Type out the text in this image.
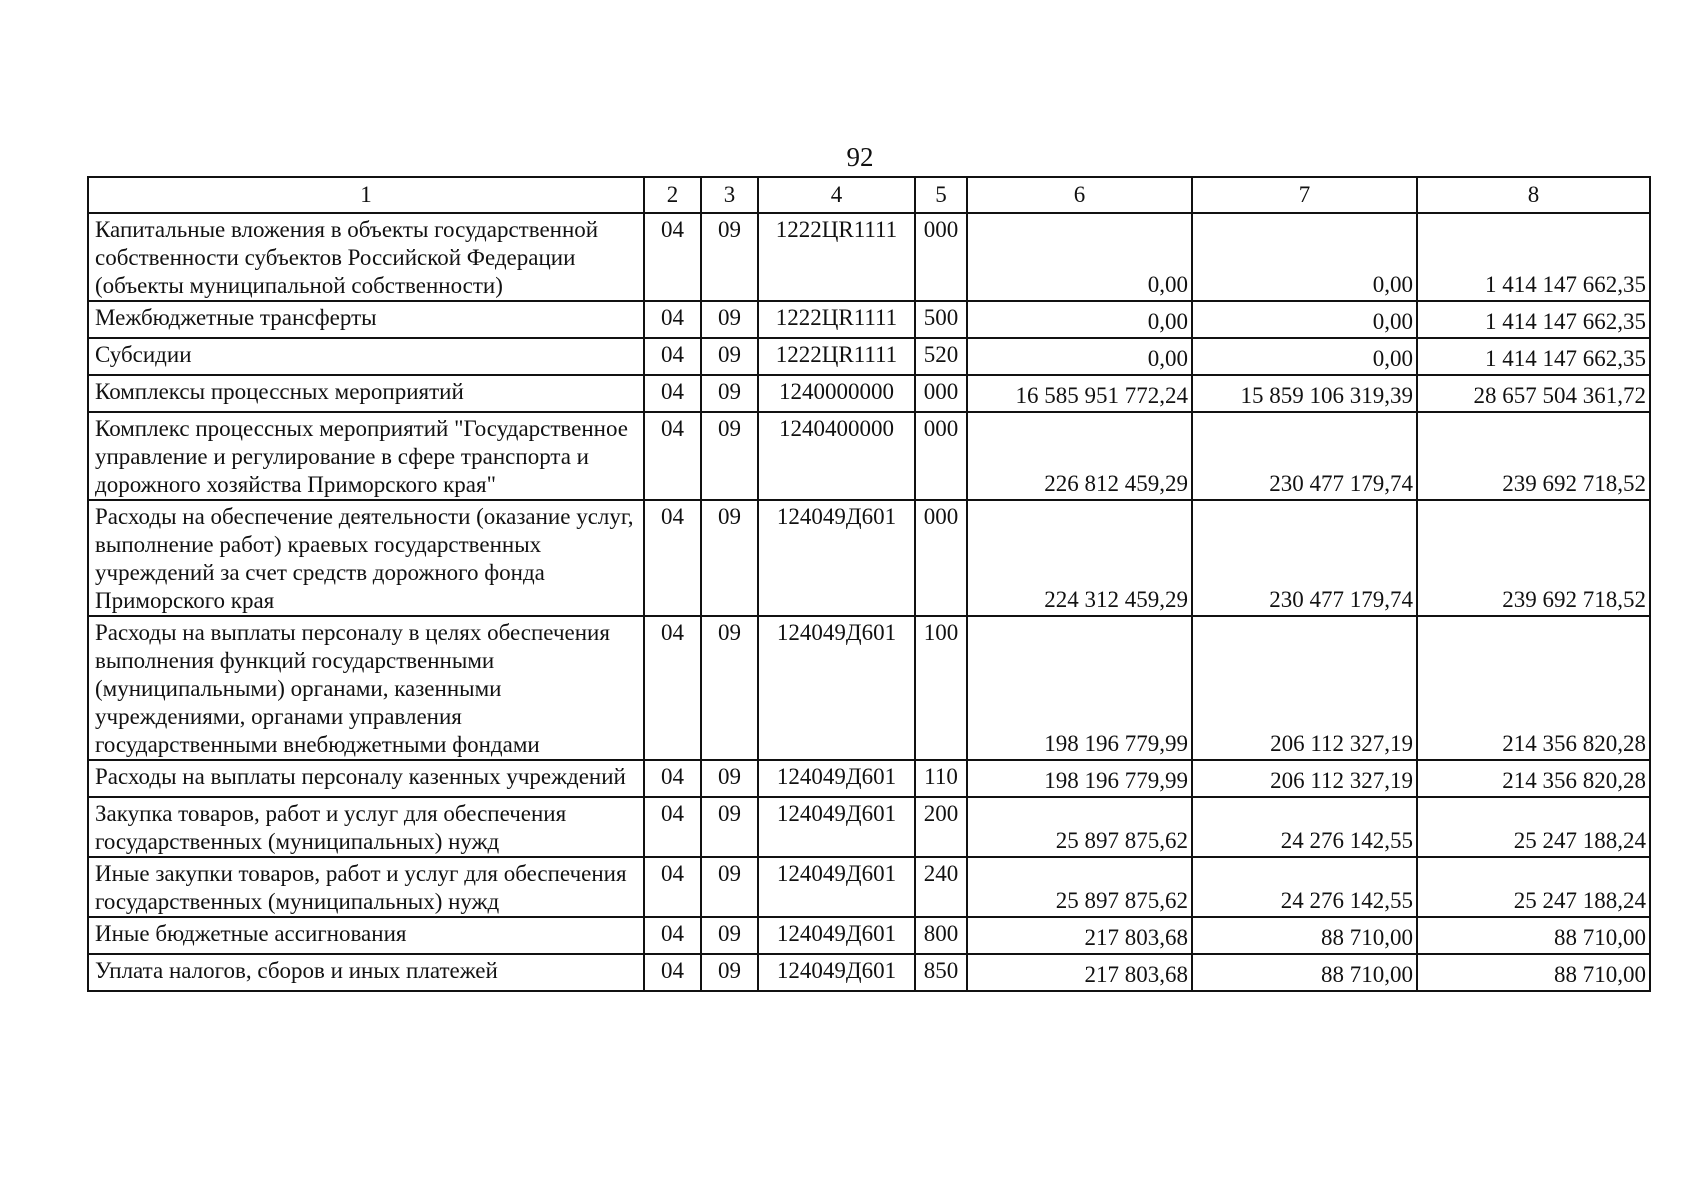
92
1	2	3	4	5	6	7	8
Капитальные вложения в объекты государственной собственности субъектов Российской Федерации (объекты муниципальной собственности)	04	09	1222ЦR1111	000	0,00	0,00	1 414 147 662,35
Межбюджетные трансферты	04	09	1222ЦR1111	500	0,00	0,00	1 414 147 662,35
Субсидии	04	09	1222ЦR1111	520	0,00	0,00	1 414 147 662,35
Комплексы процессных мероприятий	04	09	1240000000	000	16 585 951 772,24	15 859 106 319,39	28 657 504 361,72
Комплекс процессных мероприятий "Государственное управление и регулирование в сфере транспорта и дорожного хозяйства Приморского края"	04	09	1240400000	000	226 812 459,29	230 477 179,74	239 692 718,52
Расходы на обеспечение деятельности (оказание услуг, выполнение работ) краевых государственных учреждений за счет средств дорожного фонда Приморского края	04	09	124049Д601	000	224 312 459,29	230 477 179,74	239 692 718,52
Расходы на выплаты персоналу в целях обеспечения выполнения функций государственными (муниципальными) органами, казенными учреждениями, органами управления государственными внебюджетными фондами	04	09	124049Д601	100	198 196 779,99	206 112 327,19	214 356 820,28
Расходы на выплаты персоналу казенных учреждений	04	09	124049Д601	110	198 196 779,99	206 112 327,19	214 356 820,28
Закупка товаров, работ и услуг для обеспечения государственных (муниципальных) нужд	04	09	124049Д601	200	25 897 875,62	24 276 142,55	25 247 188,24
Иные закупки товаров, работ и услуг для обеспечения государственных (муниципальных) нужд	04	09	124049Д601	240	25 897 875,62	24 276 142,55	25 247 188,24
Иные бюджетные ассигнования	04	09	124049Д601	800	217 803,68	88 710,00	88 710,00
Уплата налогов, сборов и иных платежей	04	09	124049Д601	850	217 803,68	88 710,00	88 710,00
